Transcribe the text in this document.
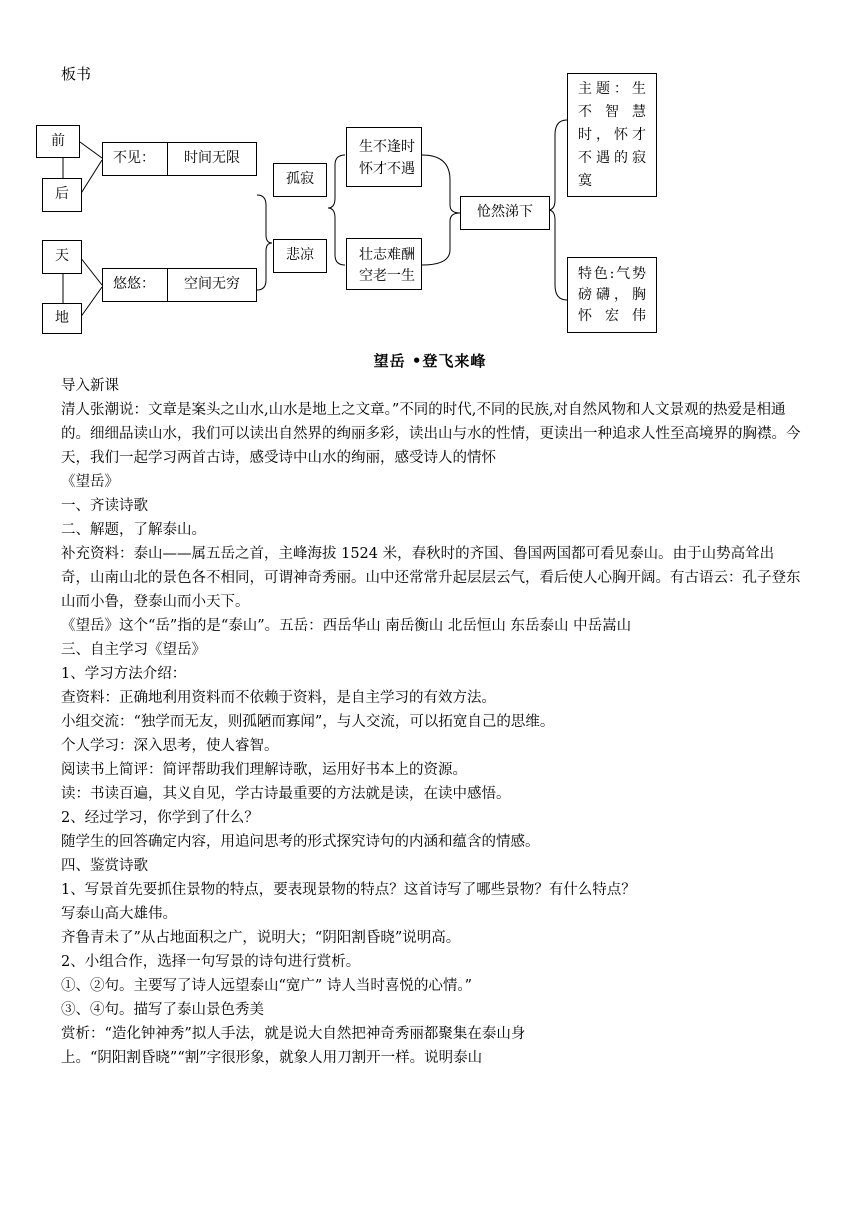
板书
前
后
天
地
不见：	时间无限
悠悠：	空间无穷
孤寂
悲凉
生不逢时
怀才不遇
壮志难酬
空老一生
怆然涕下
主题：生不智慧时，怀才不遇的寂寞
特色:气势磅礴，胸怀宏伟
望岳 •登飞来峰

导入新课

清人张潮说：文章是案头之山水,山水是地上之文章。”不同的时代,不同的民族,对自然风物和人文景观的热爱是相通的。细细品读山水，我们可以读出自然界的绚丽多彩，读出山与水的性情，更读出一种追求人性至高境界的胸襟。今天，我们一起学习两首古诗，感受诗中山水的绚丽，感受诗人的情怀

《望岳》

一、齐读诗歌

二、解题，了解泰山。

补充资料：泰山——属五岳之首，主峰海拔 1524 米，春秋时的齐国、鲁国两国都可看见泰山。由于山势高耸出奇，山南山北的景色各不相同，可谓神奇秀丽。山中还常常升起层层云气，看后使人心胸开阔。有古语云：孔子登东山而小鲁，登泰山而小天下。

《望岳》这个“岳”指的是“泰山”。五岳：西岳华山 南岳衡山 北岳恒山 东岳泰山 中岳嵩山

三、自主学习《望岳》

1、学习方法介绍：

查资料：正确地利用资料而不依赖于资料，是自主学习的有效方法。

小组交流：“独学而无友，则孤陋而寡闻”，与人交流，可以拓宽自己的思维。

个人学习：深入思考，使人睿智。

阅读书上简评：简评帮助我们理解诗歌，运用好书本上的资源。

读：书读百遍，其义自见，学古诗最重要的方法就是读，在读中感悟。

2、经过学习，你学到了什么？

随学生的回答确定内容，用追问思考的形式探究诗句的内涵和蕴含的情感。

四、鉴赏诗歌

1、写景首先要抓住景物的特点，要表现景物的特点？这首诗写了哪些景物？有什么特点？

写泰山高大雄伟。

齐鲁青未了”从占地面积之广，说明大；“阴阳割昏晓”说明高。

2、小组合作，选择一句写景的诗句进行赏析。

①、②句。主要写了诗人远望泰山“宽广” 诗人当时喜悦的心情。”

③、④句。描写了泰山景色秀美

赏析：“造化钟神秀”拟人手法，就是说大自然把神奇秀丽都聚集在泰山身

上。“阴阳割昏晓”“割”字很形象，就象人用刀割开一样。说明泰山
